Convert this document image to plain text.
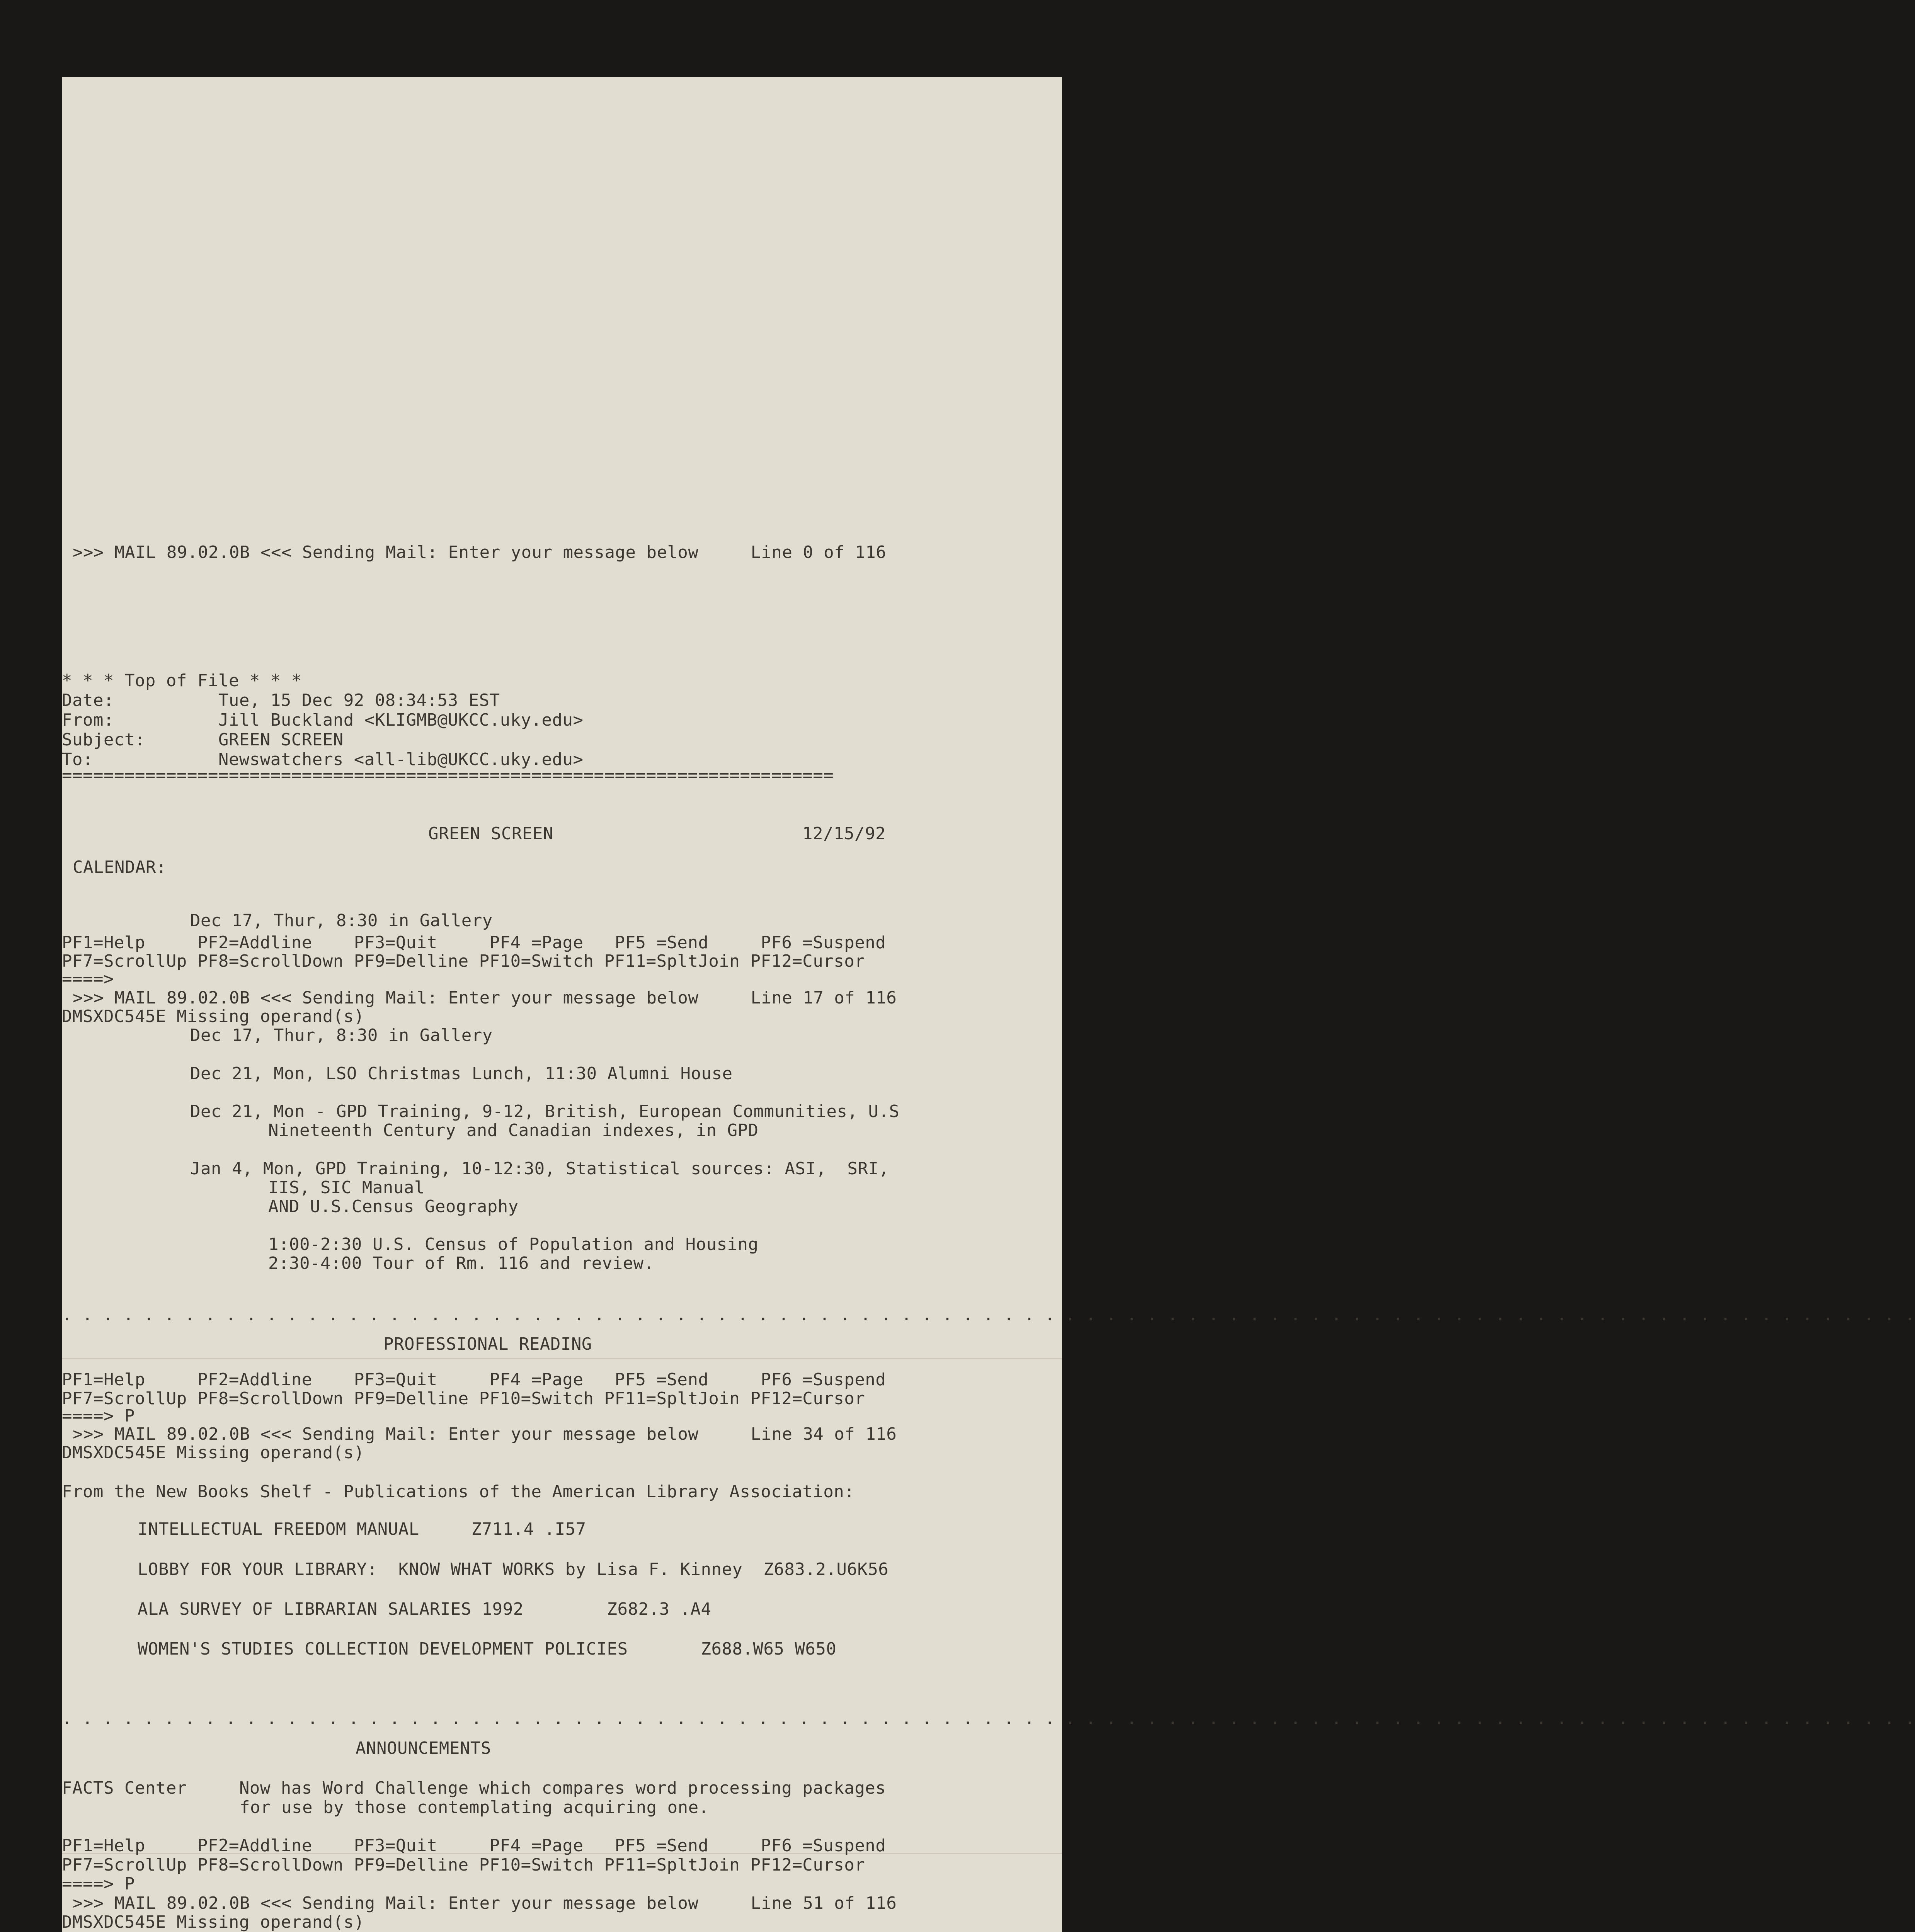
. . . . . . . . . . . . . . . . . . . . . . . . . . . . . . . . . . . . . . . . . . . . . . . . . . . . . . . . . . . . . . . . . . . . . . . . . . . . . . . . . . . . . . . . . . .
. . . . . . . . . . . . . . . . . . . . . . . . . . . . . . . . . . . . . . . . . . . . . . . . . . . . . . . . . . . . . . . . . . . . . . . . . . . . . . . . . . . . . . . . . . .
>>> MAIL 89.02.0B <<< Sending Mail: Enter your message below     Line 0 of 116
* * * Top of File * * *
Date:          Tue, 15 Dec 92 08:34:53 EST
From:          Jill Buckland <KLIGMB@UKCC.uky.edu>
Subject:       GREEN SCREEN
To:            Newswatchers <all-lib@UKCC.uky.edu>
==========================================================================
GREEN SCREEN	12/15/92
CALENDAR:
Dec 17, Thur, 8:30 in Gallery
PF1=Help     PF2=Addline    PF3=Quit     PF4 =Page   PF5 =Send     PF6 =Suspend
PF7=ScrollUp PF8=ScrollDown PF9=Delline PF10=Switch PF11=SpltJoin PF12=Cursor
====>
>>> MAIL 89.02.0B <<< Sending Mail: Enter your message below     Line 17 of 116
DMSXDC545E Missing operand(s)
Dec 17, Thur, 8:30 in Gallery
Dec 21, Mon, LSO Christmas Lunch, 11:30 Alumni House
Dec 21, Mon - GPD Training, 9-12, British, European Communities, U.S
Nineteenth Century and Canadian indexes, in GPD
Jan 4, Mon, GPD Training, 10-12:30, Statistical sources: ASI,  SRI,
IIS, SIC Manual
AND U.S.Census Geography
1:00-2:30 U.S. Census of Population and Housing
2:30-4:00 Tour of Rm. 116 and review.
PROFESSIONAL READING
PF1=Help     PF2=Addline    PF3=Quit     PF4 =Page   PF5 =Send     PF6 =Suspend
PF7=ScrollUp PF8=ScrollDown PF9=Delline PF10=Switch PF11=SpltJoin PF12=Cursor
====> P
>>> MAIL 89.02.0B <<< Sending Mail: Enter your message below     Line 34 of 116
DMSXDC545E Missing operand(s)
From the New Books Shelf - Publications of the American Library Association:
INTELLECTUAL FREEDOM MANUAL     Z711.4 .I57
LOBBY FOR YOUR LIBRARY:  KNOW WHAT WORKS by Lisa F. Kinney  Z683.2.U6K56
ALA SURVEY OF LIBRARIAN SALARIES 1992        Z682.3 .A4
WOMEN'S STUDIES COLLECTION DEVELOPMENT POLICIES       Z688.W65 W650
ANNOUNCEMENTS
FACTS Center     Now has Word Challenge which compares word processing packages
for use by those contemplating acquiring one.
PF1=Help     PF2=Addline    PF3=Quit     PF4 =Page   PF5 =Send     PF6 =Suspend
PF7=ScrollUp PF8=ScrollDown PF9=Delline PF10=Switch PF11=SpltJoin PF12=Cursor
====> P
>>> MAIL 89.02.0B <<< Sending Mail: Enter your message below     Line 51 of 116
DMSXDC545E Missing operand(s)
